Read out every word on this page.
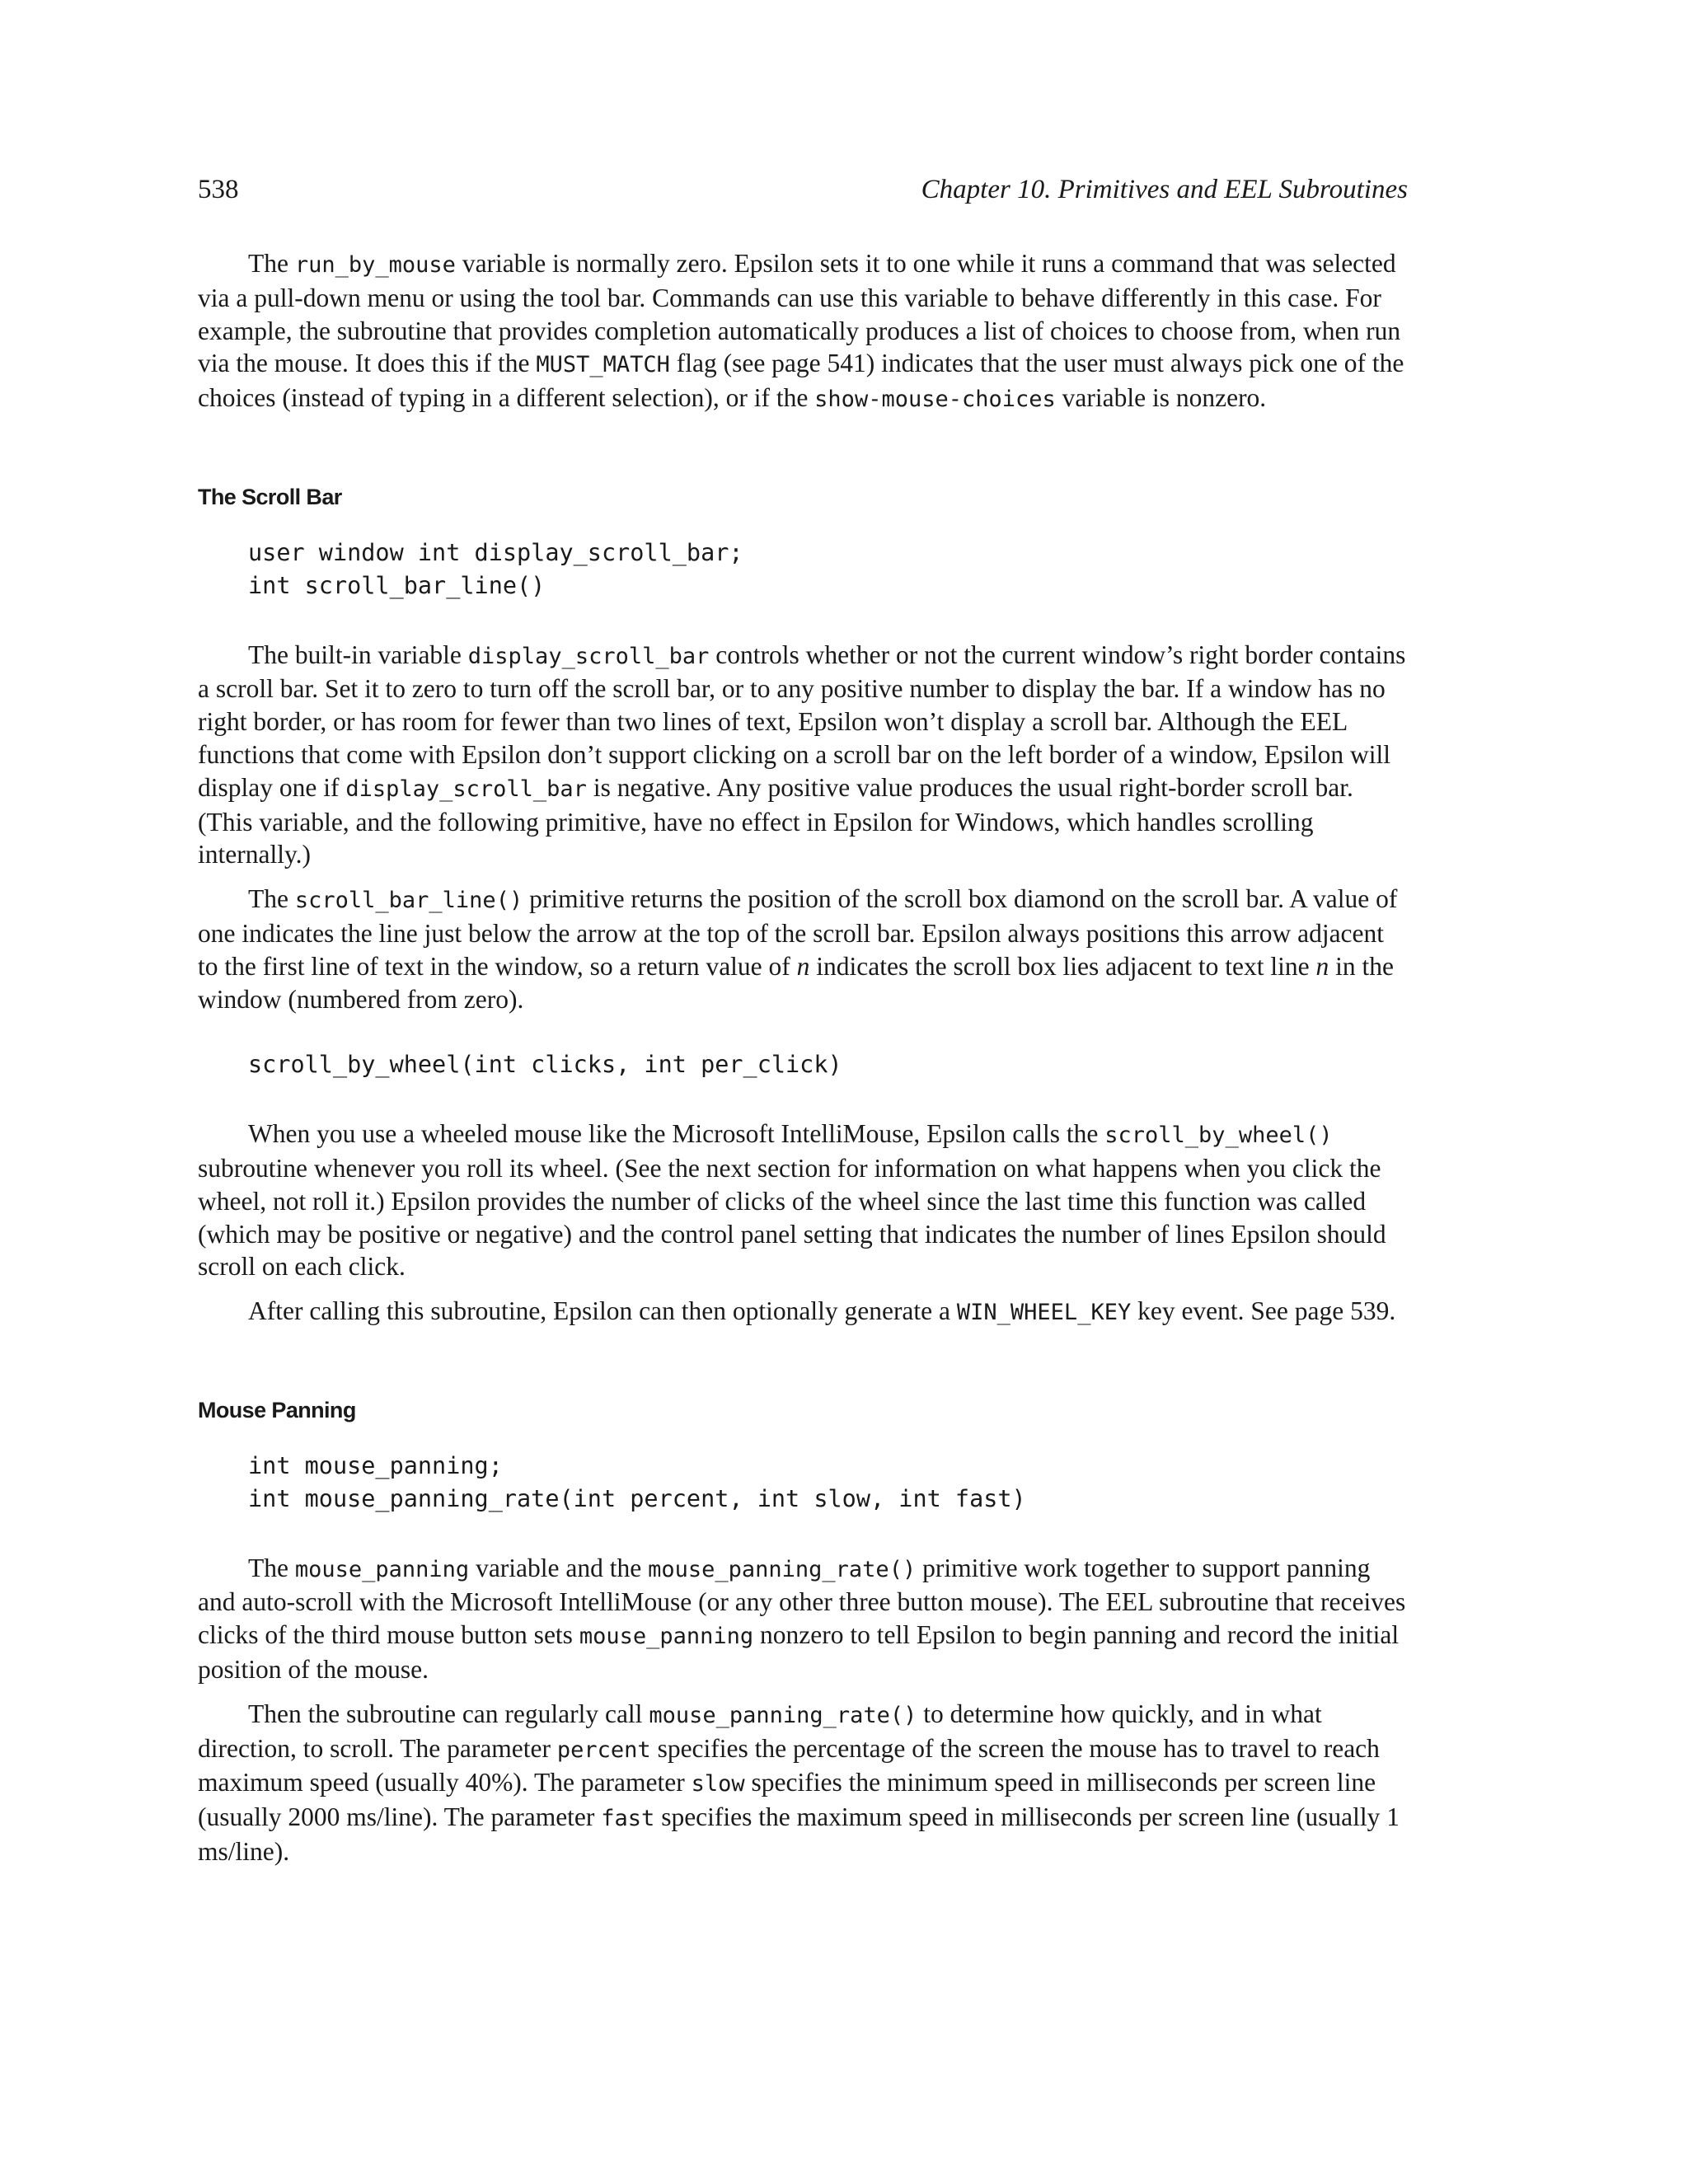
538	Chapter 10. Primitives and EEL Subroutines

The run_by_mouse variable is normally zero. Epsilon sets it to one while it runs a command that was selected via a pull-down menu or using the tool bar. Commands can use this variable to behave differently in this case. For example, the subroutine that provides completion automatically produces a list of choices to choose from, when run via the mouse. It does this if the MUST_MATCH flag (see page 541) indicates that the user must always pick one of the choices (instead of typing in a different selection), or if the show-mouse-choices variable is nonzero.

The Scroll Bar
user window int display_scroll_bar;
int scroll_bar_line()

The built-in variable display_scroll_bar controls whether or not the current window’s right border contains a scroll bar. Set it to zero to turn off the scroll bar, or to any positive number to display the bar. If a window has no right border, or has room for fewer than two lines of text, Epsilon won’t display a scroll bar. Although the EEL functions that come with Epsilon don’t support clicking on a scroll bar on the left border of a window, Epsilon will display one if display_scroll_bar is negative. Any positive value produces the usual right-border scroll bar. (This variable, and the following primitive, have no effect in Epsilon for Windows, which handles scrolling internally.)

The scroll_bar_line() primitive returns the position of the scroll box diamond on the scroll bar. A value of one indicates the line just below the arrow at the top of the scroll bar. Epsilon always positions this arrow adjacent to the first line of text in the window, so a return value of n indicates the scroll box lies adjacent to text line n in the window (numbered from zero).

scroll_by_wheel(int clicks, int per_click)

When you use a wheeled mouse like the Microsoft IntelliMouse, Epsilon calls the scroll_by_wheel() subroutine whenever you roll its wheel. (See the next section for information on what happens when you click the wheel, not roll it.) Epsilon provides the number of clicks of the wheel since the last time this function was called (which may be positive or negative) and the control panel setting that indicates the number of lines Epsilon should scroll on each click.

After calling this subroutine, Epsilon can then optionally generate a WIN_WHEEL_KEY key event. See page 539.

Mouse Panning
int mouse_panning;
int mouse_panning_rate(int percent, int slow, int fast)

The mouse_panning variable and the mouse_panning_rate() primitive work together to support panning and auto-scroll with the Microsoft IntelliMouse (or any other three button mouse). The EEL subroutine that receives clicks of the third mouse button sets mouse_panning nonzero to tell Epsilon to begin panning and record the initial position of the mouse.

Then the subroutine can regularly call mouse_panning_rate() to determine how quickly, and in what direction, to scroll. The parameter percent specifies the percentage of the screen the mouse has to travel to reach maximum speed (usually 40%). The parameter slow specifies the minimum speed in milliseconds per screen line (usually 2000 ms/line). The parameter fast specifies the maximum speed in milliseconds per screen line (usually 1 ms/line).
